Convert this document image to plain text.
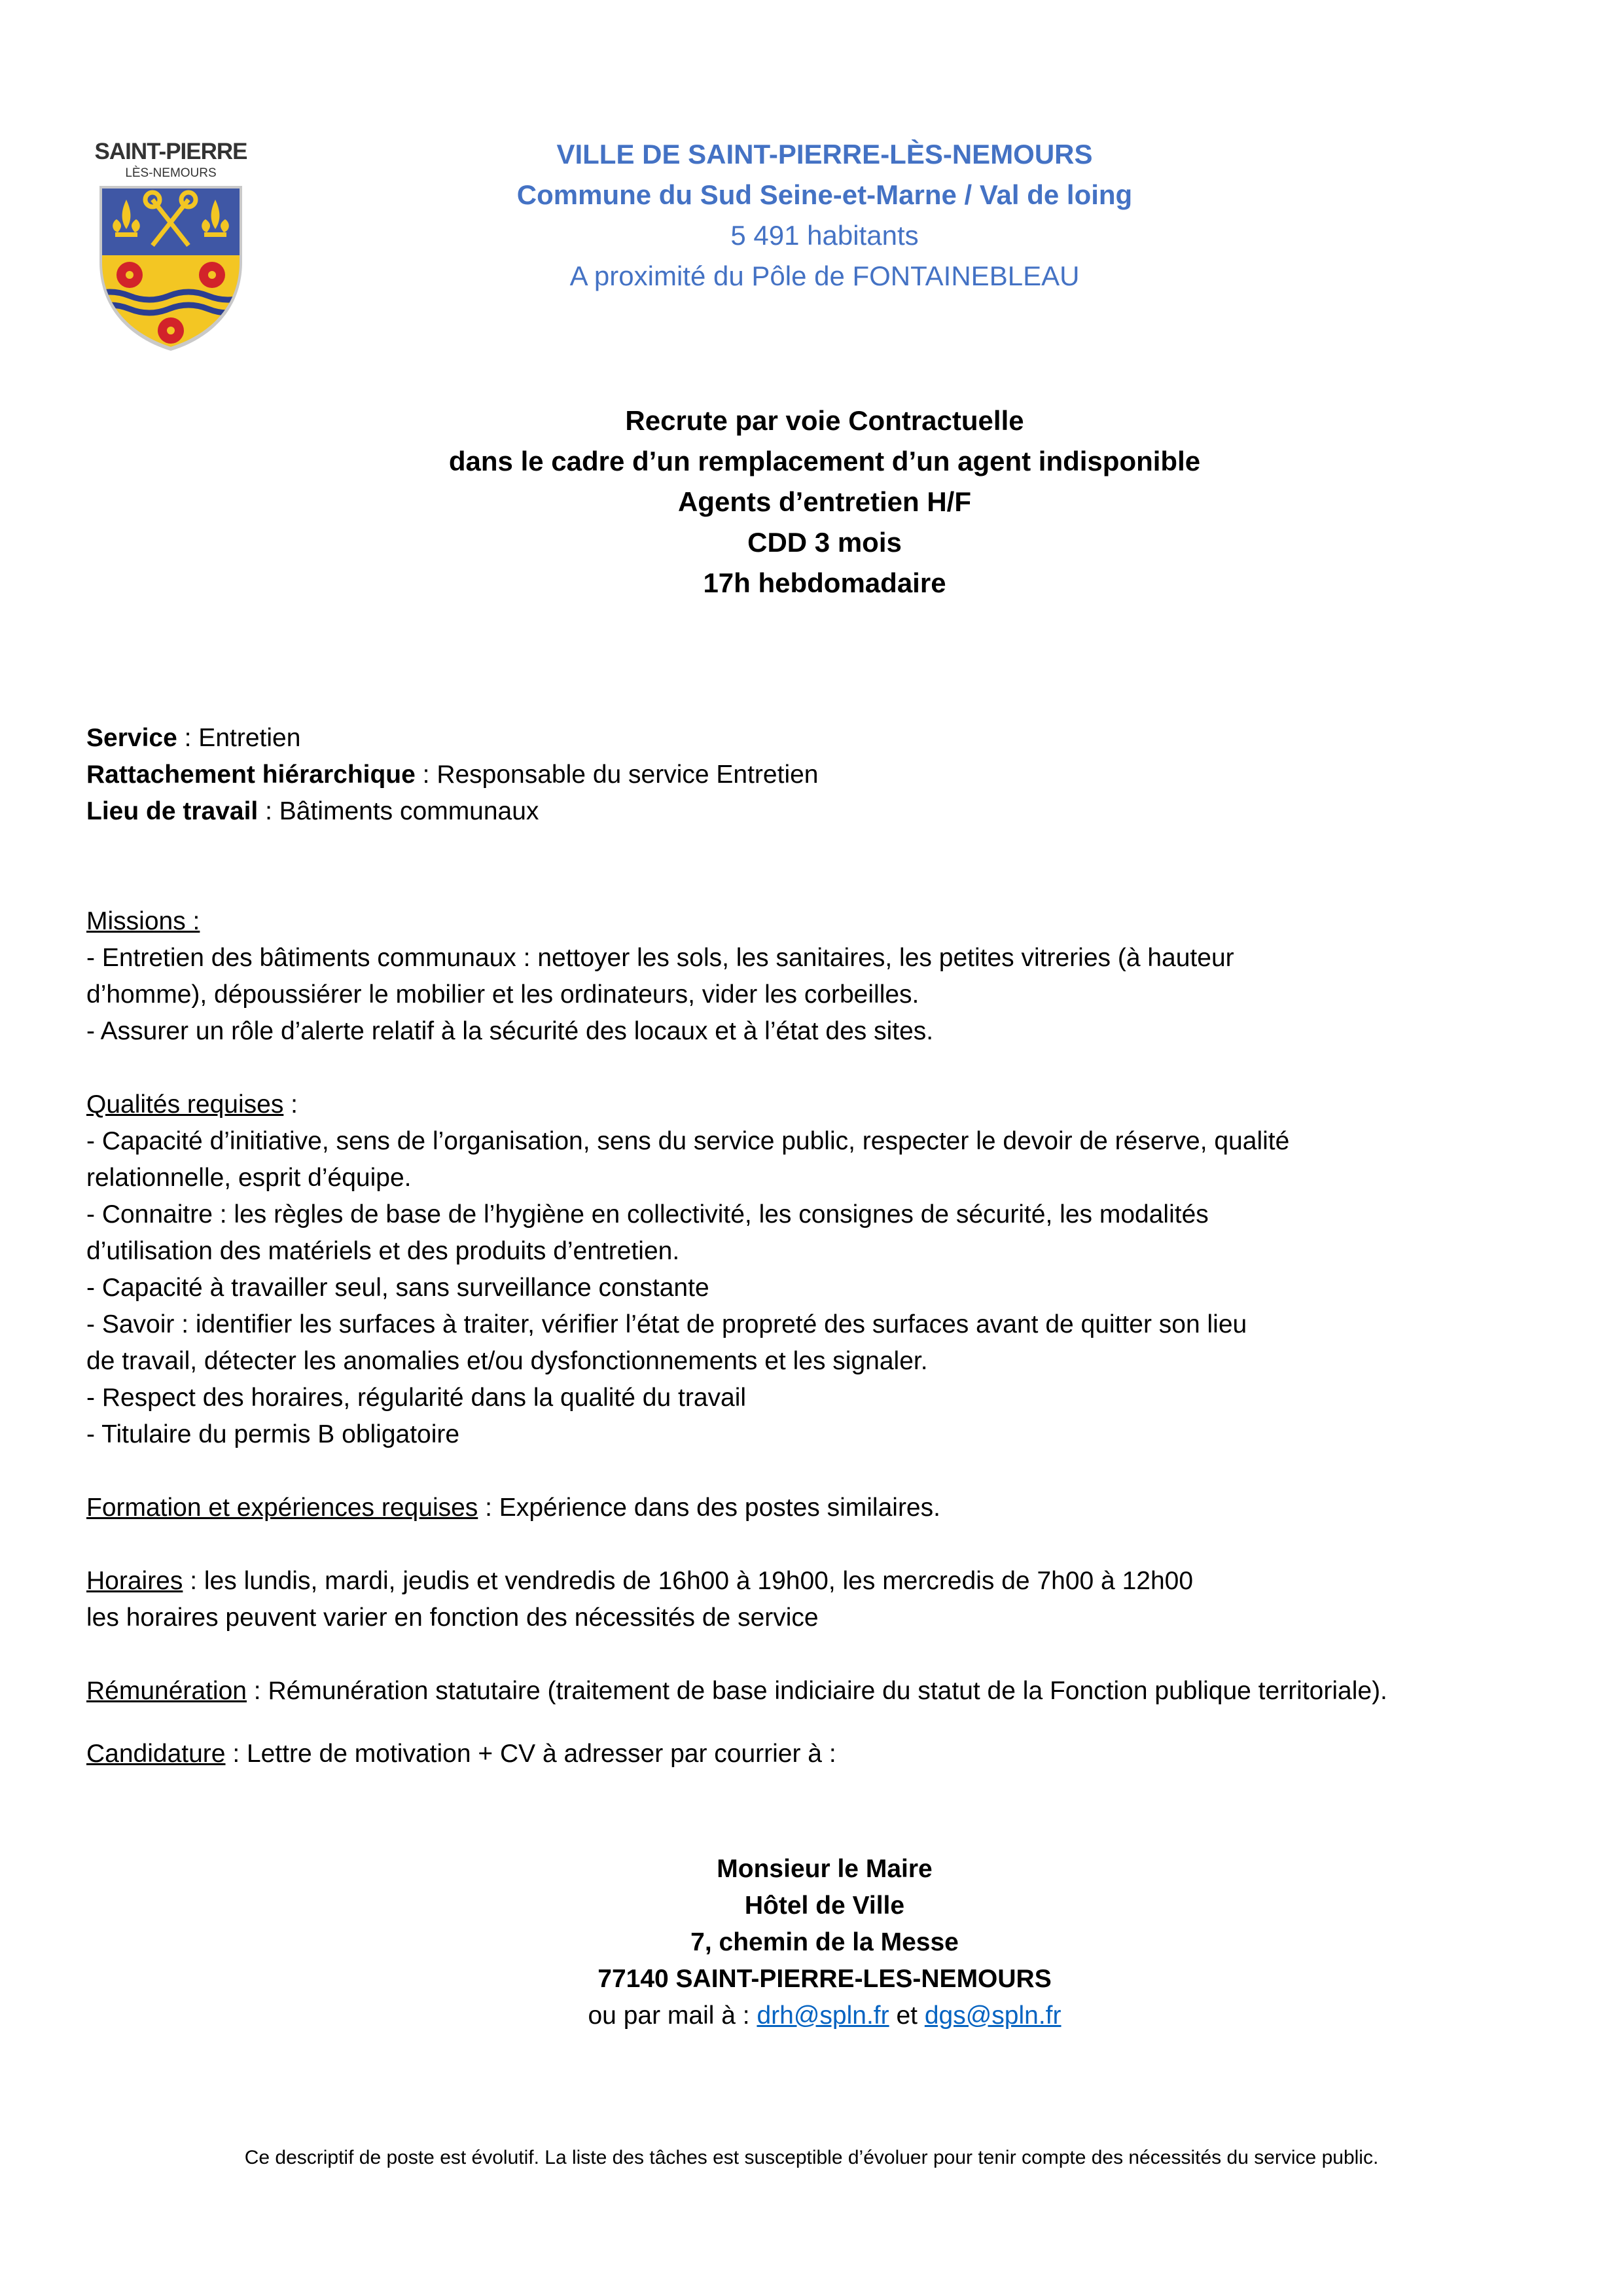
SAINT-PIERRE
LÈS-NEMOURS
VILLE DE SAINT-PIERRE-LÈS-NEMOURS
Commune du Sud Seine-et-Marne / Val de loing
5 491 habitants
A proximité du Pôle de FONTAINEBLEAU
Recrute par voie Contractuelle
dans le cadre d’un remplacement d’un agent indisponible
Agents d’entretien H/F
CDD 3 mois
17h hebdomadaire
Service : Entretien
Rattachement hiérarchique : Responsable du service Entretien
Lieu de travail : Bâtiments communaux
Missions :
- Entretien des bâtiments communaux : nettoyer les sols, les sanitaires, les petites vitreries (à hauteur
d’homme), dépoussiérer le mobilier et les ordinateurs, vider les corbeilles.
- Assurer un rôle d’alerte relatif à la sécurité des locaux et à l’état des sites.
Qualités requises :
- Capacité d’initiative, sens de l’organisation, sens du service public, respecter le devoir de réserve, qualité
relationnelle, esprit d’équipe.
- Connaitre : les règles de base de l’hygiène en collectivité, les consignes de sécurité, les modalités
d’utilisation des matériels et des produits d’entretien.
- Capacité à travailler seul, sans surveillance constante
- Savoir : identifier les surfaces à traiter, vérifier l’état de propreté des surfaces avant de quitter son lieu
de travail, détecter les anomalies et/ou dysfonctionnements et les signaler.
- Respect des horaires, régularité dans la qualité du travail
- Titulaire du permis B obligatoire
Formation et expériences requises : Expérience dans des postes similaires.
Horaires : les lundis, mardi, jeudis et vendredis de 16h00 à 19h00, les mercredis de 7h00 à 12h00
les horaires peuvent varier en fonction des nécessités de service
Rémunération : Rémunération statutaire (traitement de base indiciaire du statut de la Fonction publique territoriale).
Candidature : Lettre de motivation + CV à adresser par courrier à :
Monsieur le Maire
Hôtel de Ville
7, chemin de la Messe
77140 SAINT-PIERRE-LES-NEMOURS
ou par mail à : drh@spln.fr et dgs@spln.fr
Ce descriptif de poste est évolutif. La liste des tâches est susceptible d’évoluer pour tenir compte des nécessités du service public.
